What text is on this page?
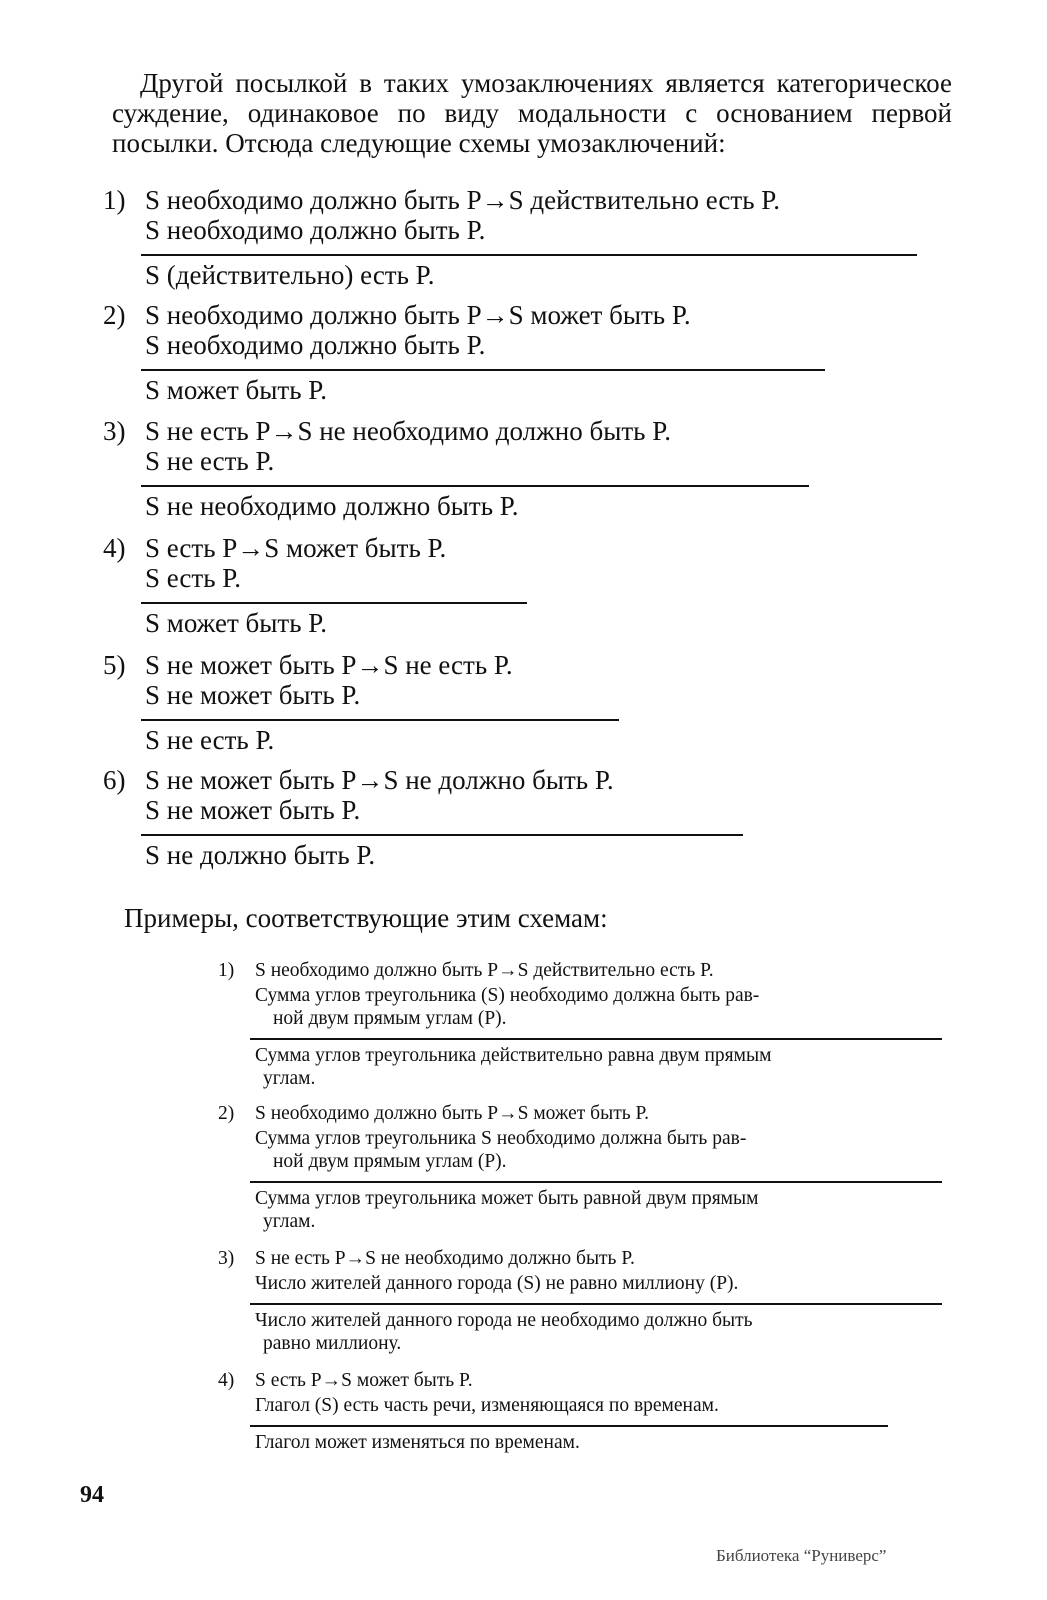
Другой посылкой в таких умозаключениях является категорическое суждение, одинаковое по виду модальности с основанием первой посылки. Отсюда следующие схемы умозаключений:

1) S необходимо должно быть P→S действительно есть P.
S необходимо должно быть P.
S (действительно) есть P.
2) S необходимо должно быть P→S может быть P.
S необходимо должно быть P.
S может быть P.
3) S не есть P→S не необходимо должно быть P.
S не есть P.
S не необходимо должно быть P.
4) S есть P→S может быть P.
S есть P.
S может быть P.
5) S не может быть P→S не есть P.
S не может быть P.
S не есть P.
6) S не может быть P→S не должно быть P.
S не может быть P.
S не должно быть P.
Примеры, соответствующие этим схемам:
1) S необходимо должно быть P→S действительно есть P.
Сумма углов треугольника (S) необходимо должна быть рав-
ной двум прямым углам (P).
Сумма углов треугольника действительно равна двум прямым
углам.
2) S необходимо должно быть P→S может быть P.
Сумма углов треугольника S необходимо должна быть рав-
ной двум прямым углам (P).
Сумма углов треугольника может быть равной двум прямым
углам.
3) S не есть P→S не необходимо должно быть P.
Число жителей данного города (S) не равно миллиону (P).
Число жителей данного города не необходимо должно быть
равно миллиону.
4) S есть P→S может быть P.
Глагол (S) есть часть речи, изменяющаяся по временам.
Глагол может изменяться по временам.
94
Библиотека “Руниверс”
